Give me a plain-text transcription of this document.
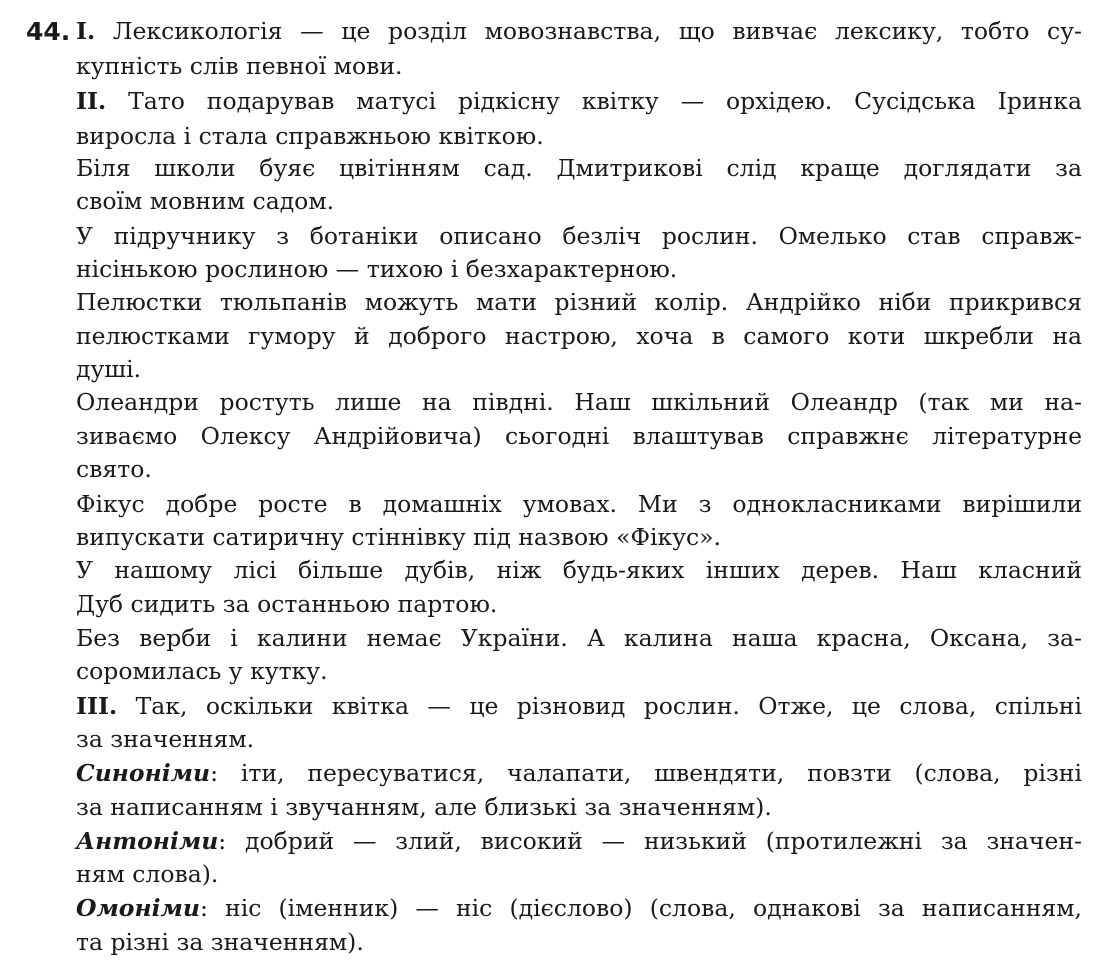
44. I. Лексикологія — це розділ мовознавства, що вивчає лексику, тобто су-
купність слів певної мови.
II. Тато подарував матусі рідкісну квітку — орхідею. Сусідська Іринка
виросла і стала справжньою квіткою.
Біля школи буяє цвітінням сад. Дмитрикові слід краще доглядати за
своїм мовним садом.
У підручнику з ботаніки описано безліч рослин. Омелько став справж-
нісінькою рослиною — тихою і безхарактерною.
Пелюстки тюльпанів можуть мати різний колір. Андрійко ніби прикрився
пелюстками гумору й доброго настрою, хоча в самого коти шкребли на
душі.
Олеандри ростуть лише на півдні. Наш шкільний Олеандр (так ми на-
зиваємо Олексу Андрійовича) сьогодні влаштував справжнє літературне
свято.
Фікус добре росте в домашніх умовах. Ми з однокласниками вирішили
випускати сатиричну стіннівку під назвою «Фікус».
У нашому лісі більше дубів, ніж будь-яких інших дерев. Наш класний
Дуб сидить за останньою партою.
Без верби і калини немає України. А калина наша красна, Оксана, за-
соромилась у кутку.
III. Так, оскільки квітка — це різновид рослин. Отже, це слова, спільні
за значенням.
Синоніми: іти, пересуватися, чалапати, швендяти, повзти (слова, різні
за написанням і звучанням, але близькі за значенням).
Антоніми: добрий — злий, високий — низький (протилежні за значен-
ням слова).
Омоніми: ніс (іменник) — ніс (дієслово) (слова, однакові за написанням,
та різні за значенням).
